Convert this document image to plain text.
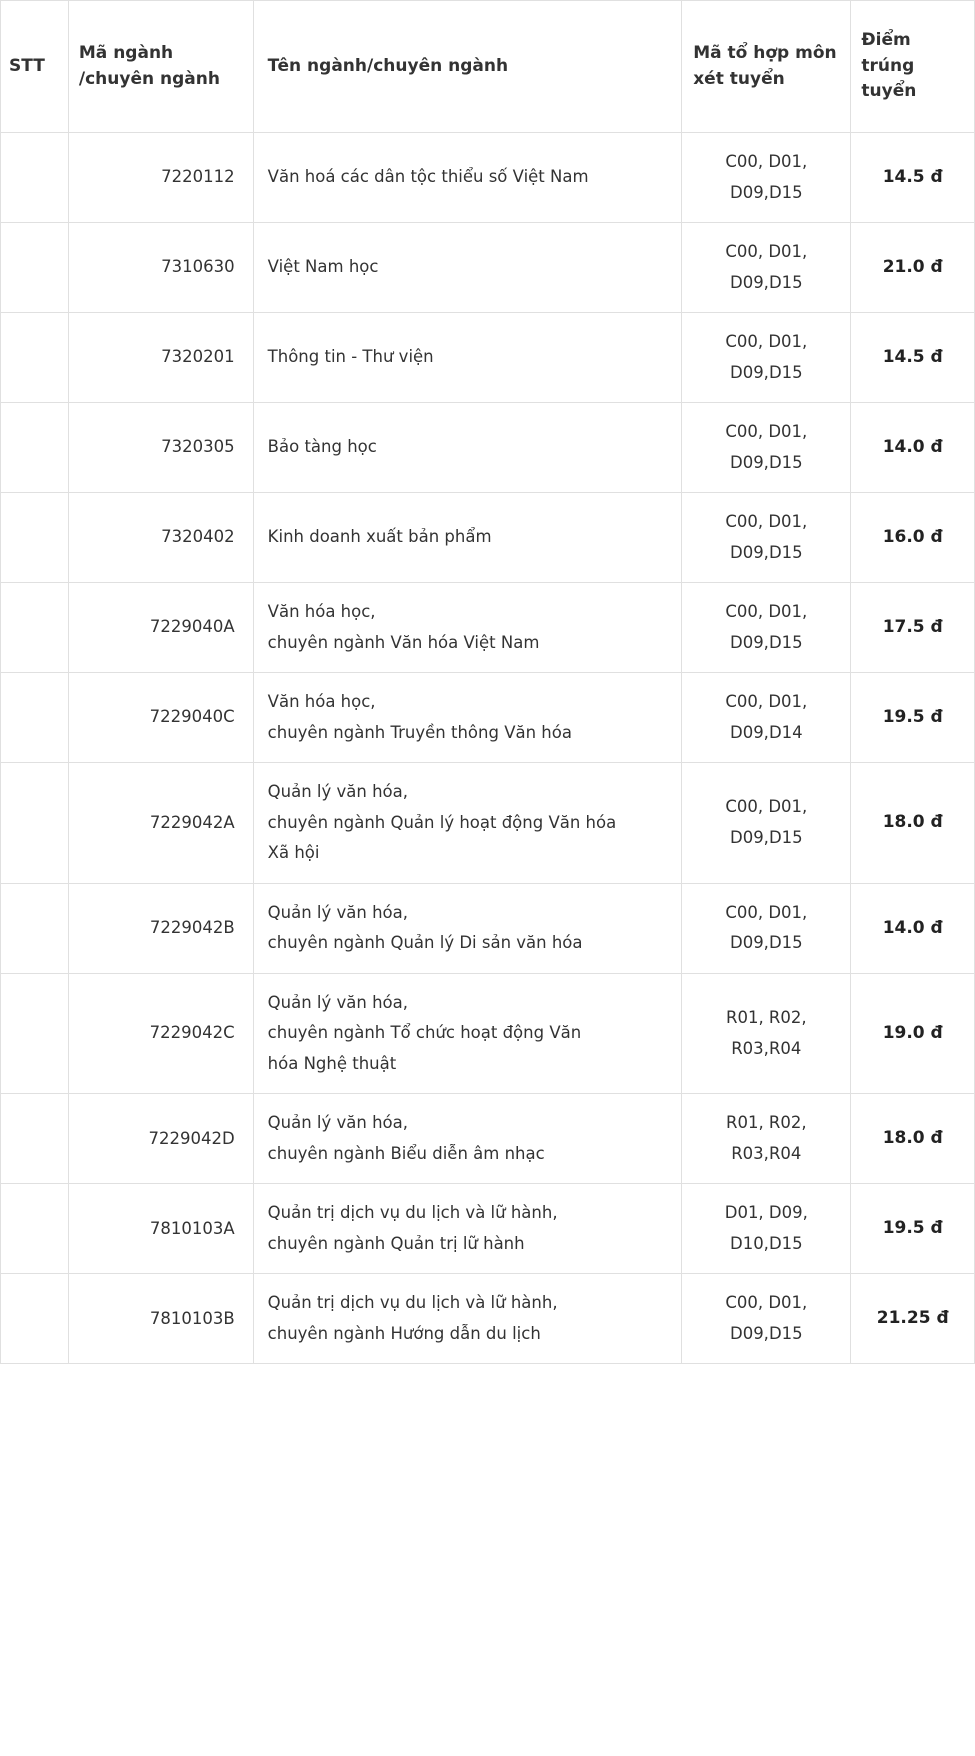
STT	Mã ngành /chuyên ngành	Tên ngành/chuyên ngành	Mã tổ hợp môn xét tuyển	Điểm trúng tuyển
	7220112	Văn hoá các dân tộc thiểu số Việt Nam	C00, D01, D09,D15	14.5 đ
	7310630	Việt Nam học	C00, D01, D09,D15	21.0 đ
	7320201	Thông tin - Thư viện	C00, D01, D09,D15	14.5 đ
	7320305	Bảo tàng học	C00, D01, D09,D15	14.0 đ
	7320402	Kinh doanh xuất bản phẩm	C00, D01, D09,D15	16.0 đ
	7229040A	Văn hóa học,
chuyên ngành Văn hóa Việt Nam	C00, D01, D09,D15	17.5 đ
	7229040C	Văn hóa học,
chuyên ngành Truyền thông Văn hóa	C00, D01, D09,D14	19.5 đ
	7229042A	Quản lý văn hóa,
chuyên ngành Quản lý hoạt động Văn hóa
Xã hội	C00, D01, D09,D15	18.0 đ
	7229042B	Quản lý văn hóa,
chuyên ngành Quản lý Di sản văn hóa	C00, D01, D09,D15	14.0 đ
	7229042C	Quản lý văn hóa,
chuyên ngành Tổ chức hoạt động Văn
hóa Nghệ thuật	R01, R02, R03,R04	19.0 đ
	7229042D	Quản lý văn hóa,
chuyên ngành Biểu diễn âm nhạc	R01, R02, R03,R04	18.0 đ
	7810103A	Quản trị dịch vụ du lịch và lữ hành,
chuyên ngành Quản trị lữ hành	D01, D09, D10,D15	19.5 đ
	7810103B	Quản trị dịch vụ du lịch và lữ hành,
chuyên ngành Hướng dẫn du lịch	C00, D01, D09,D15	21.25 đ
